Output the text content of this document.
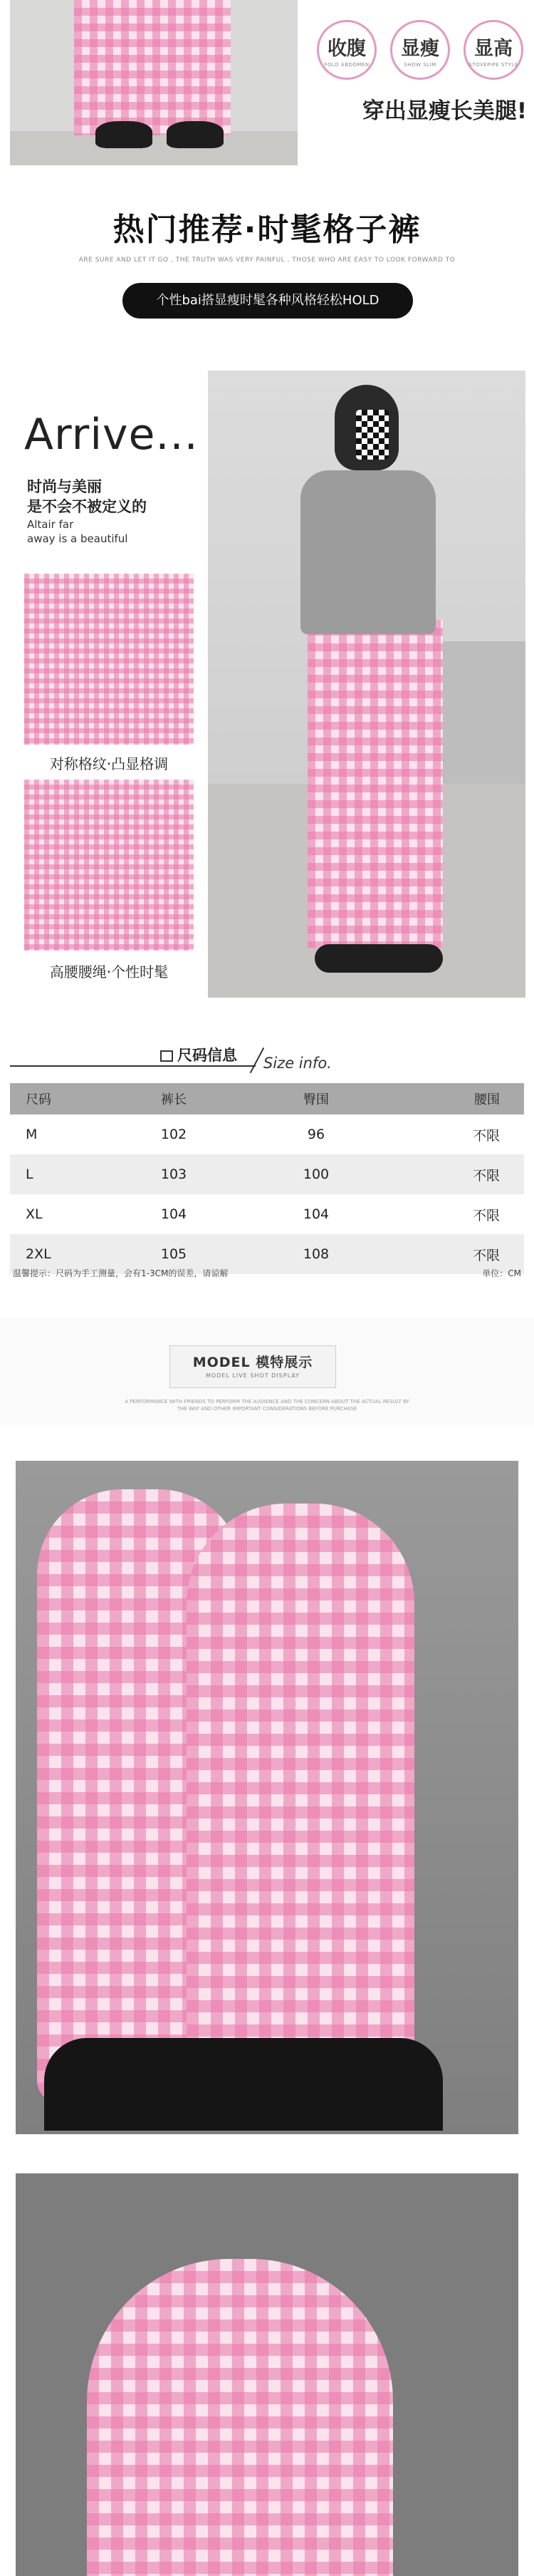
收腹
FOLD ABDOMEN
显瘦
SHOW SLIM
显高
STOVEPIPE STYLE
穿出显瘦长美腿!
热门推荐·时髦格子裤
ARE SURE AND LET IT GO , THE TRUTH WAS VERY PAINFUL , THOSE WHO ARE EASY TO LOOK FORWARD TO
个性bai搭显瘦时髦各种风格轻松HOLD
Arrive...
时尚与美丽
是不会不被定义的
Altair far
away is a beautiful
对称格纹·凸显格调
高腰腰绳·个性时髦
尺码信息 Size info.
尺码	裤长	臀围	腰围
M	102	96	不限
L	103	100	不限
XL	104	104	不限
2XL	105	108	不限
温馨提示：尺码为手工测量，会有1-3CM的误差，请谅解	单位：CM
MODEL 模特展示
MODEL LIVE SHOT DISPLAY
A PERFORMANCE WITH FRIENDS TO PERFORM THE AUDIENCE AND THE CONCERN ABOUT THE ACTUAL RESULT BY THE WAY AND OTHER IMPORTANT CONSIDERATIONS BEFORE PURCHASE
